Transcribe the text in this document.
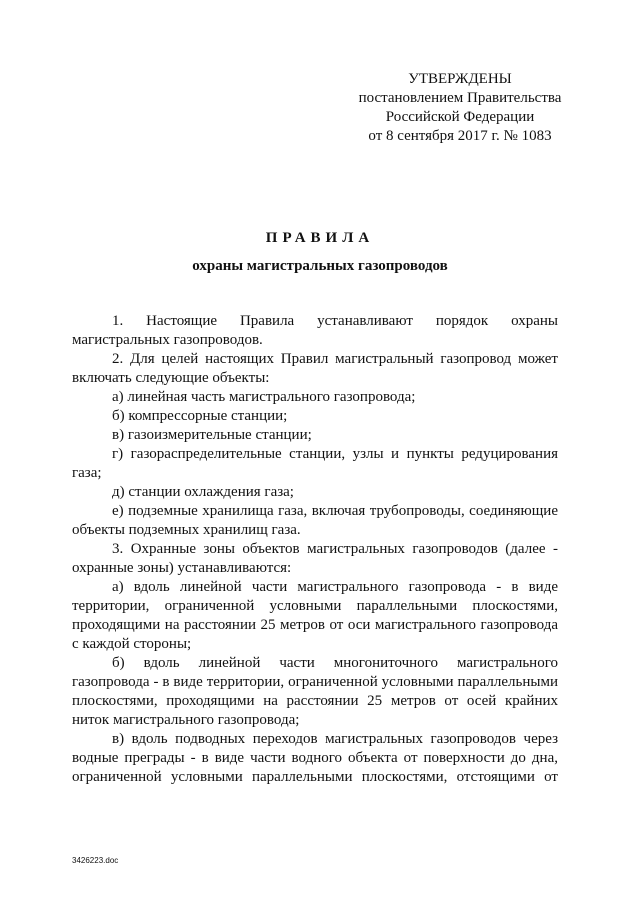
УТВЕРЖДЕНЫ
постановлением Правительства
Российской Федерации
от 8 сентября 2017 г. № 1083
ПРАВИЛА
охраны магистральных газопроводов

1. Настоящие Правила устанавливают порядок охраны магистральных газопроводов.

2. Для целей настоящих Правил магистральный газопровод может включать следующие объекты:

а) линейная часть магистрального газопровода;

б) компрессорные станции;

в) газоизмерительные станции;

г) газораспределительные станции, узлы и пункты редуцирования газа;

д) станции охлаждения газа;

е) подземные хранилища газа, включая трубопроводы, соединяющие объекты подземных хранилищ газа.

3. Охранные зоны объектов магистральных газопроводов (далее - охранные зоны) устанавливаются:

а) вдоль линейной части магистрального газопровода - в виде территории, ограниченной условными параллельными плоскостями, проходящими на расстоянии 25 метров от оси магистрального газопровода с каждой стороны;

б) вдоль линейной части многониточного магистрального газопровода - в виде территории, ограниченной условными параллельными плоскостями, проходящими на расстоянии 25 метров от осей крайних ниток магистрального газопровода;

в) вдоль подводных переходов магистральных газопроводов через водные преграды - в виде части водного объекта от поверхности до дна, ограниченной условными параллельными плоскостями, отстоящими от

3426223.doc
